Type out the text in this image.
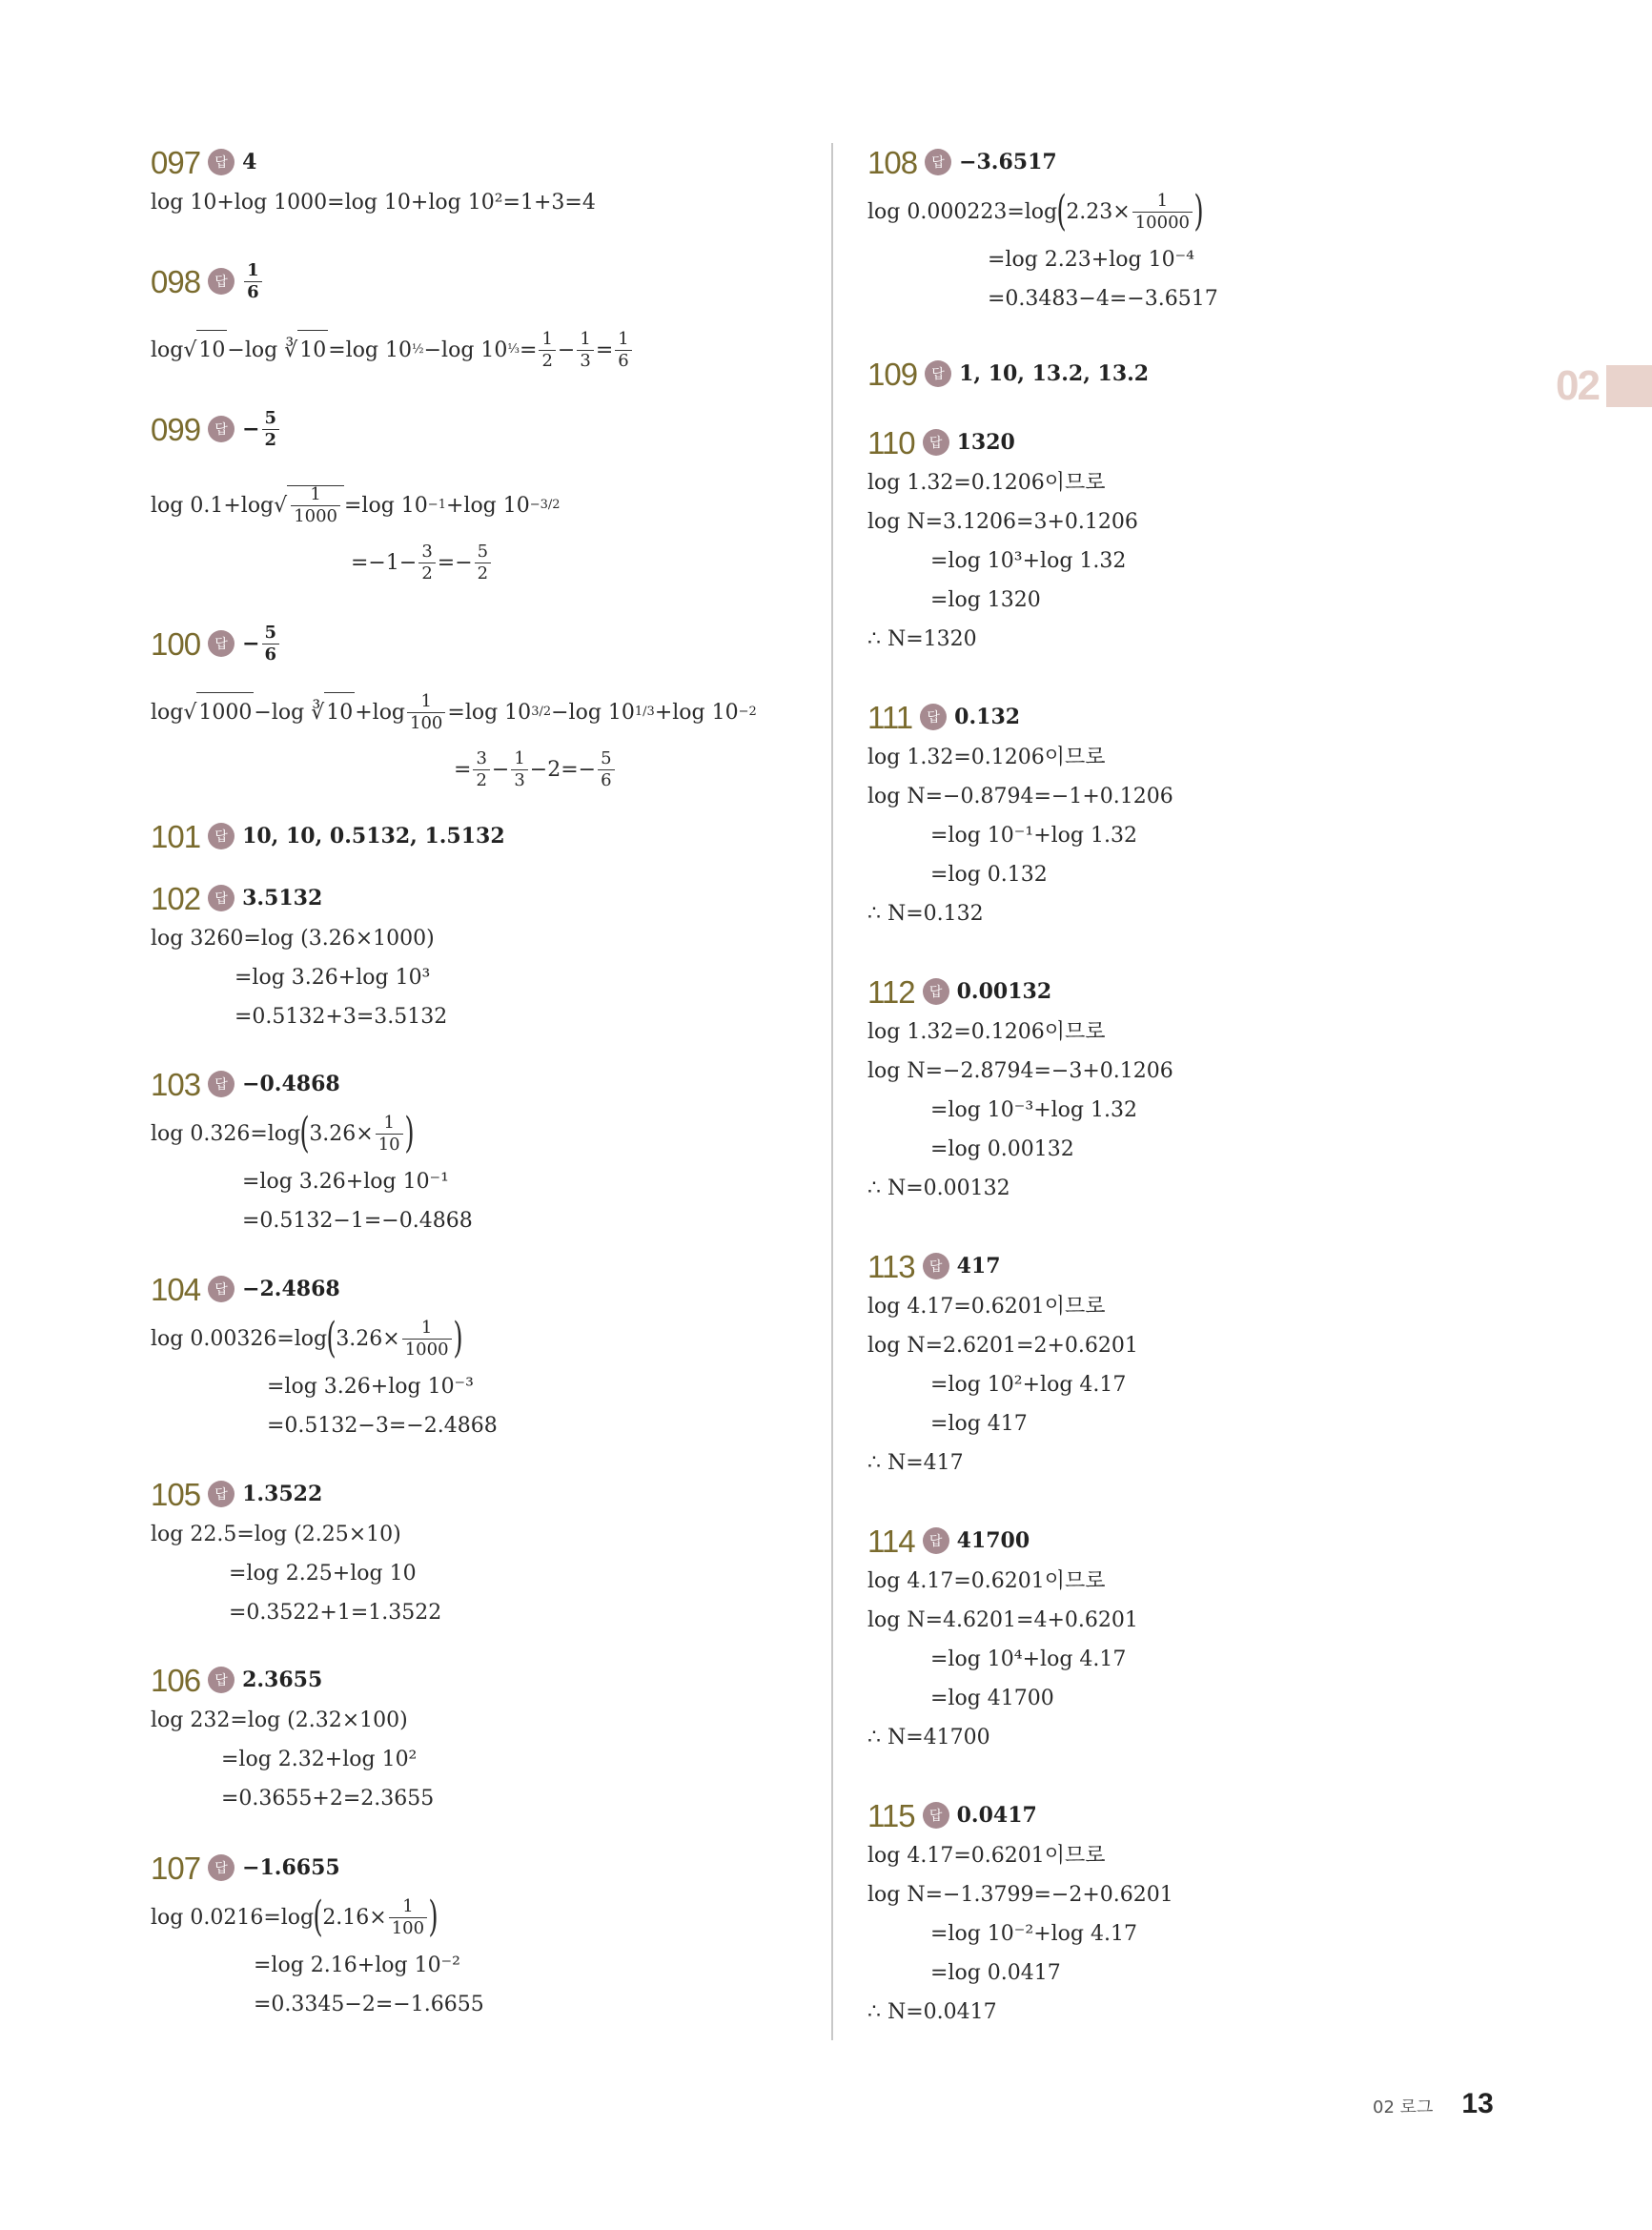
02
097	답 4
log 10+log 1000=log 10+log 10²=1+3=4
098	답 $\frac{1}{6}$
log √ 10 −log ∛ 10 =log 10 ½ −log 10 ⅓ = $\frac{1}{2} - \frac{1}{3} = \frac{1}{6}$
099	답 − $\frac{5}{2}$
log 0.1+log √ $\frac{1}{1000} =\log$ 10 −1 +log 10 −3/2
$=-1- \frac{3}{2} =- \frac{5}{2}$
100	답 − $\frac{5}{6}$
log √ 1000 −log ∛ $10 +\log \frac{1}{100} =\log$ 10 3/2 −log 10 1/3 +log 10 −2
= $\frac{3}{2} - \frac{1}{3} -2=- \frac{5}{6}$
101	답 10, 10, 0.5132, 1.5132
102	답 3.5132
log 3260=log (3.26×1000)
=log 3.26+log 10³
=0.5132+3=3.5132
103	답 −0.4868
log 0.326=log ( $3.26\times \frac{1}{10}$ )
=log 3.26+log 10⁻¹
=0.5132−1=−0.4868
104	답 −2.4868
log 0.00326=log ( $3.26\times \frac{1}{1000}$ )
=log 3.26+log 10⁻³
=0.5132−3=−2.4868
105	답 1.3522
log 22.5=log (2.25×10)
=log 2.25+log 10
=0.3522+1=1.3522
106	답 2.3655
log 232=log (2.32×100)
=log 2.32+log 10²
=0.3655+2=2.3655
107	답 −1.6655
log 0.0216=log ( $2.16\times \frac{1}{100}$ )
=log 2.16+log 10⁻²
=0.3345−2=−1.6655
108	답 −3.6517
log 0.000223=log ( $2.23\times \frac{1}{10000}$ )
=log 2.23+log 10⁻⁴
=0.3483−4=−3.6517
109	답 1, 10, 13.2, 13.2
110	답 1320
log 1.32=0.1206이므로
log N=3.1206=3+0.1206
=log 10³+log 1.32
=log 1320
∴ N=1320
111	답 0.132
log 1.32=0.1206이므로
log N=−0.8794=−1+0.1206
=log 10⁻¹+log 1.32
=log 0.132
∴ N=0.132
112	답 0.00132
log 1.32=0.1206이므로
log N=−2.8794=−3+0.1206
=log 10⁻³+log 1.32
=log 0.00132
∴ N=0.00132
113	답 417
log 4.17=0.6201이므로
log N=2.6201=2+0.6201
=log 10²+log 4.17
=log 417
∴ N=417
114	답 41700
log 4.17=0.6201이므로
log N=4.6201=4+0.6201
=log 10⁴+log 4.17
=log 41700
∴ N=41700
115	답 0.0417
log 4.17=0.6201이므로
log N=−1.3799=−2+0.6201
=log 10⁻²+log 4.17
=log 0.0417
∴ N=0.0417
02 로그 13
